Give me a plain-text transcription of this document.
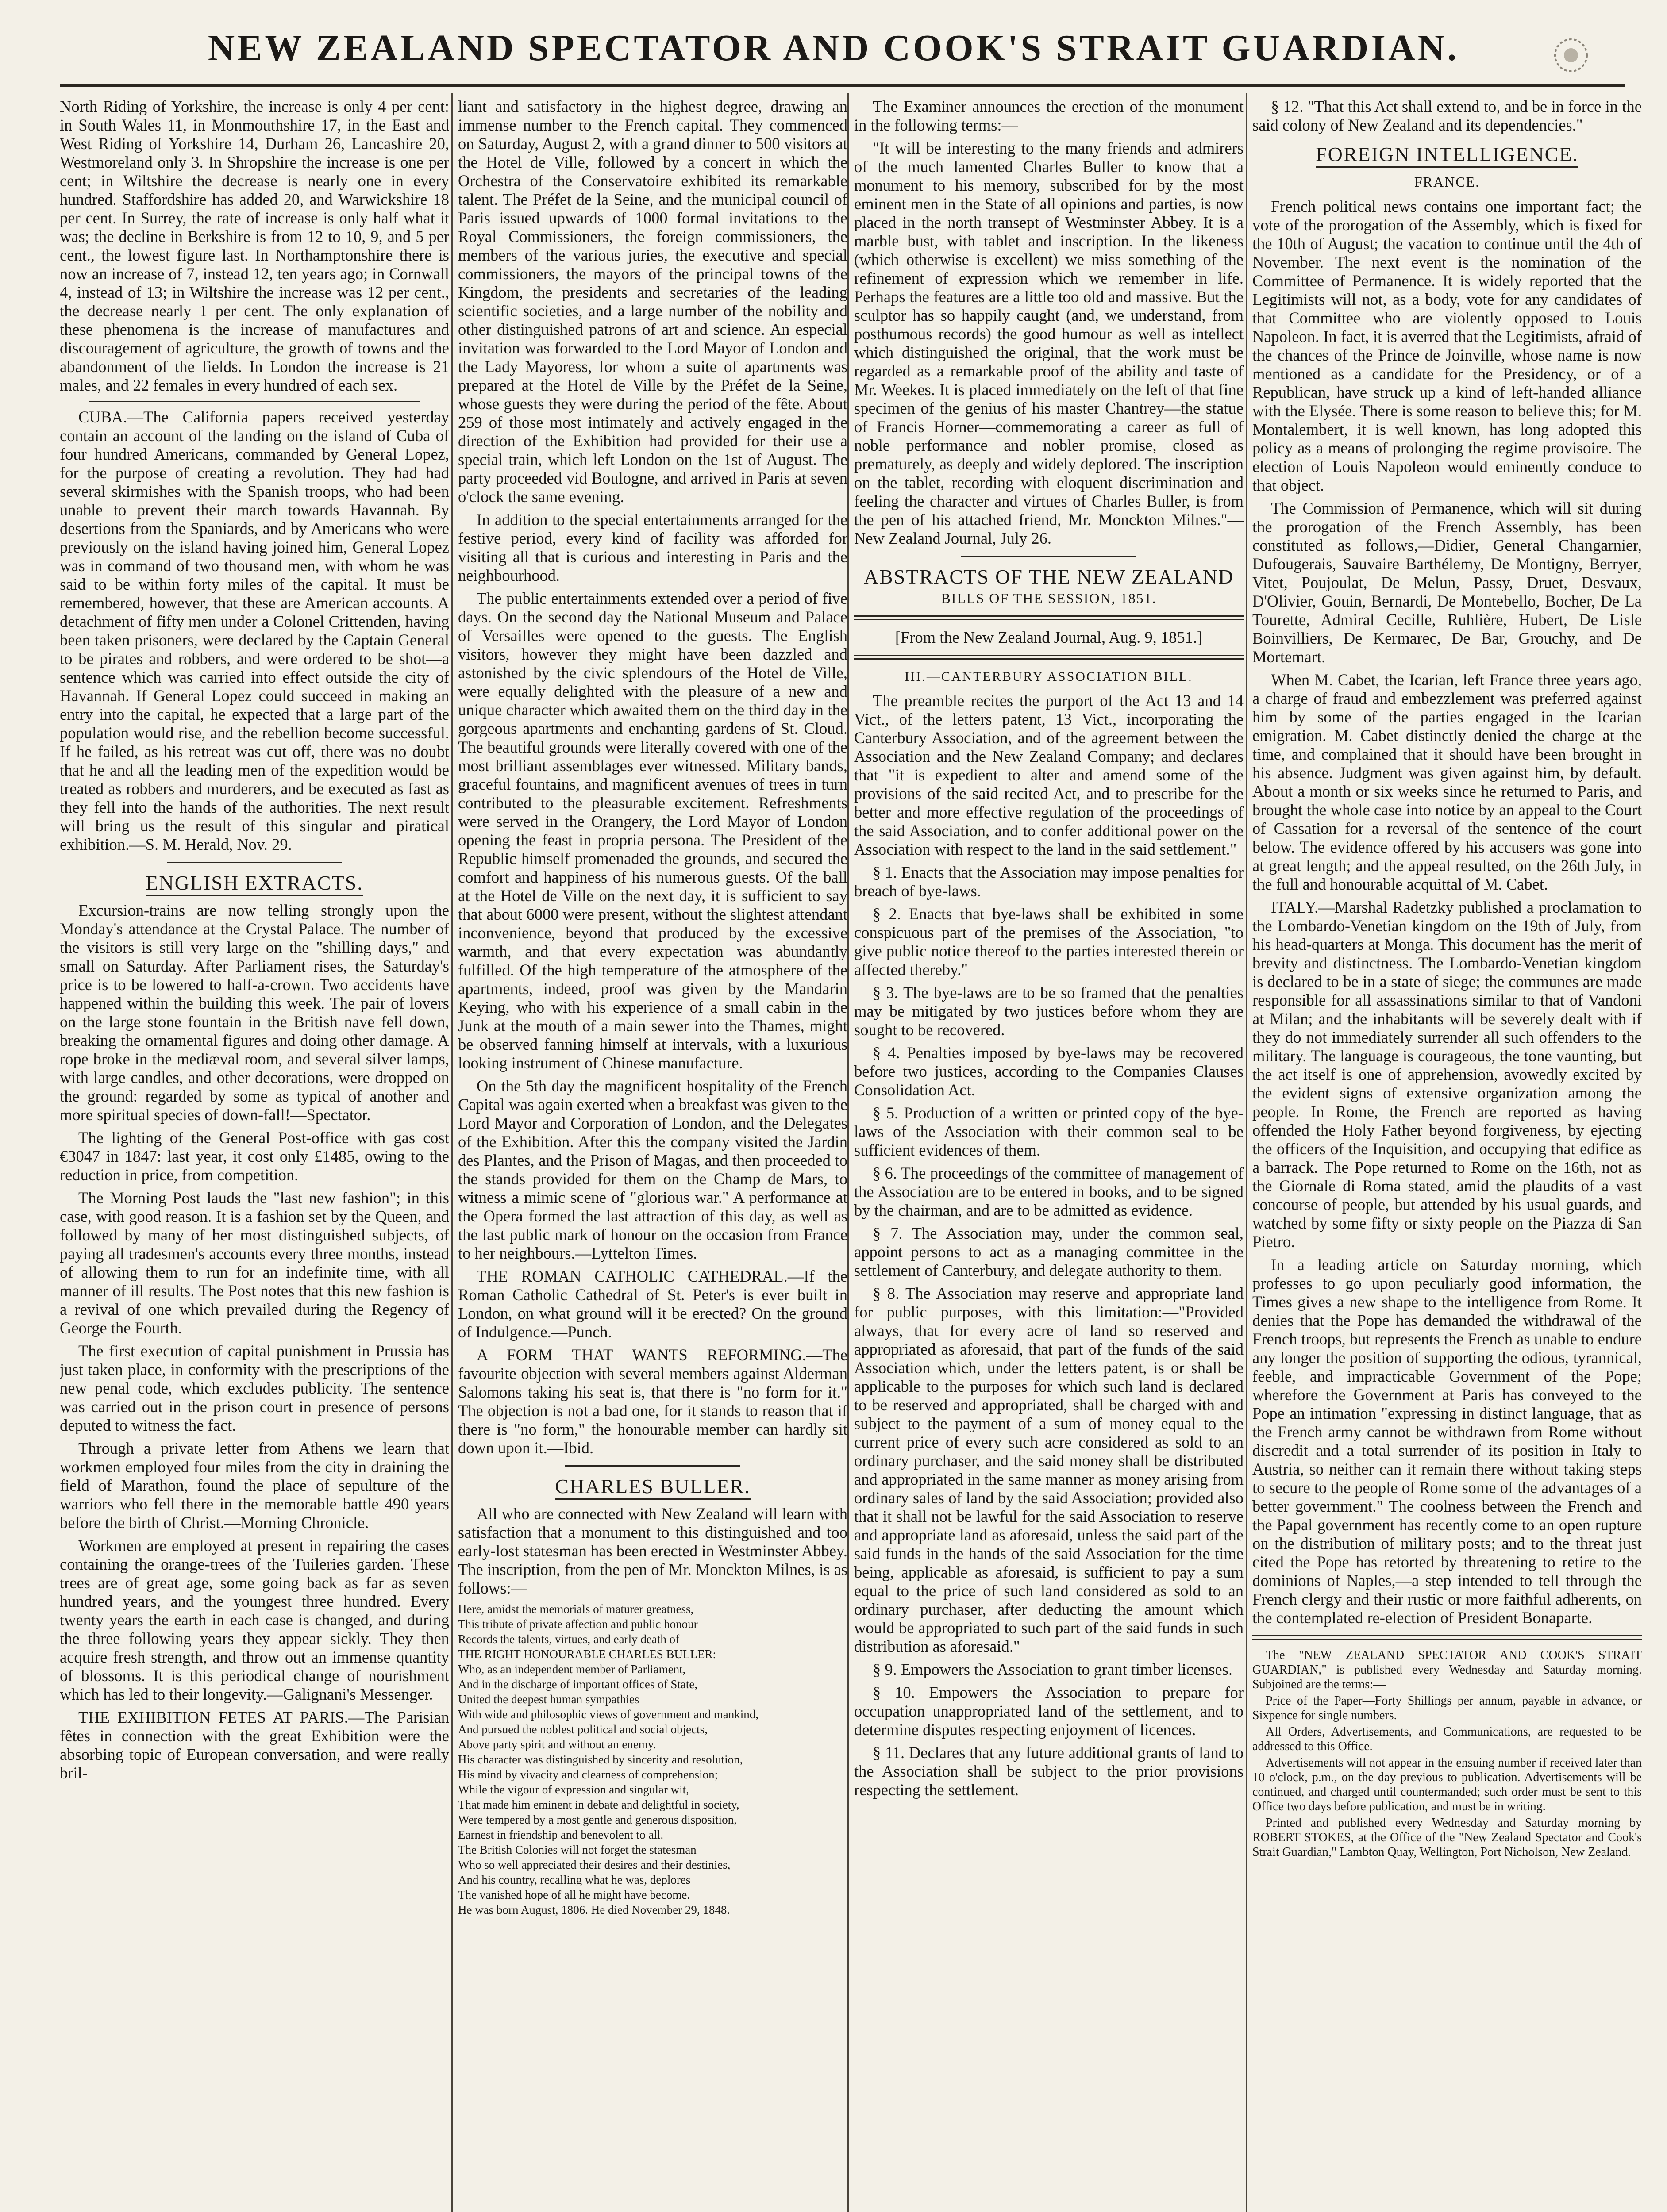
NEW ZEALAND SPECTATOR AND COOK'S STRAIT GUARDIAN.

North Riding of Yorkshire, the increase is only 4 per cent: in South Wales 11, in Monmouthshire 17, in the East and West Riding of Yorkshire 14, Durham 26, Lancashire 20, Westmoreland only 3. In Shropshire the increase is one per cent; in Wiltshire the decrease is nearly one in every hundred. Staffordshire has added 20, and Warwickshire 18 per cent. In Surrey, the rate of increase is only half what it was; the decline in Berkshire is from 12 to 10, 9, and 5 per cent., the lowest figure last. In Northamptonshire there is now an increase of 7, instead 12, ten years ago; in Cornwall 4, instead of 13; in Wiltshire the increase was 12 per cent., the decrease nearly 1 per cent. The only explanation of these phenomena is the increase of manufactures and discouragement of agriculture, the growth of towns and the abandonment of the fields. In London the increase is 21 males, and 22 females in every hundred of each sex.

CUBA.—The California papers received yesterday contain an account of the landing on the island of Cuba of four hundred Americans, commanded by General Lopez, for the purpose of creating a revolution. They had had several skirmishes with the Spanish troops, who had been unable to prevent their march towards Havannah. By desertions from the Spaniards, and by Americans who were previously on the island having joined him, General Lopez was in command of two thousand men, with whom he was said to be within forty miles of the capital. It must be remembered, however, that these are American accounts. A detachment of fifty men under a Colonel Crittenden, having been taken prisoners, were declared by the Captain General to be pirates and robbers, and were ordered to be shot—a sentence which was carried into effect outside the city of Havannah. If General Lopez could succeed in making an entry into the capital, he expected that a large part of the population would rise, and the rebellion become successful. If he failed, as his retreat was cut off, there was no doubt that he and all the leading men of the expedition would be treated as robbers and murderers, and be executed as fast as they fell into the hands of the authorities. The next result will bring us the result of this singular and piratical exhibition.—S. M. Herald, Nov. 29.

ENGLISH EXTRACTS.

Excursion-trains are now telling strongly upon the Monday's attendance at the Crystal Palace. The number of the visitors is still very large on the "shilling days," and small on Saturday. After Parliament rises, the Saturday's price is to be lowered to half-a-crown. Two accidents have happened within the building this week. The pair of lovers on the large stone fountain in the British nave fell down, breaking the ornamental figures and doing other damage. A rope broke in the mediæval room, and several silver lamps, with large candles, and other decorations, were dropped on the ground: regarded by some as typical of another and more spiritual species of down-fall!—Spectator.

The lighting of the General Post-office with gas cost €3047 in 1847: last year, it cost only £1485, owing to the reduction in price, from competition.

The Morning Post lauds the "last new fashion"; in this case, with good reason. It is a fashion set by the Queen, and followed by many of her most distinguished subjects, of paying all tradesmen's accounts every three months, instead of allowing them to run for an indefinite time, with all manner of ill results. The Post notes that this new fashion is a revival of one which prevailed during the Regency of George the Fourth.

The first execution of capital punishment in Prussia has just taken place, in conformity with the prescriptions of the new penal code, which excludes publicity. The sentence was carried out in the prison court in presence of persons deputed to witness the fact.

Through a private letter from Athens we learn that workmen employed four miles from the city in draining the field of Marathon, found the place of sepulture of the warriors who fell there in the memorable battle 490 years before the birth of Christ.—Morning Chronicle.

Workmen are employed at present in repairing the cases containing the orange-trees of the Tuileries garden. These trees are of great age, some going back as far as seven hundred years, and the youngest three hundred. Every twenty years the earth in each case is changed, and during the three following years they appear sickly. They then acquire fresh strength, and throw out an immense quantity of blossoms. It is this periodical change of nourishment which has led to their longevity.—Galignani's Messenger.

THE EXHIBITION FETES AT PARIS.—The Parisian fêtes in connection with the great Exhibition were the absorbing topic of European conversation, and were really bril-

liant and satisfactory in the highest degree, drawing an immense number to the French capital. They commenced on Saturday, August 2, with a grand dinner to 500 visitors at the Hotel de Ville, followed by a concert in which the Orchestra of the Conservatoire exhibited its remarkable talent. The Préfet de la Seine, and the municipal council of Paris issued upwards of 1000 formal invitations to the Royal Commissioners, the foreign commissioners, the members of the various juries, the executive and special commissioners, the mayors of the principal towns of the Kingdom, the presidents and secretaries of the leading scientific societies, and a large number of the nobility and other distinguished patrons of art and science. An especial invitation was forwarded to the Lord Mayor of London and the Lady Mayoress, for whom a suite of apartments was prepared at the Hotel de Ville by the Préfet de la Seine, whose guests they were during the period of the fête. About 259 of those most intimately and actively engaged in the direction of the Exhibition had provided for their use a special train, which left London on the 1st of August. The party proceeded vid Boulogne, and arrived in Paris at seven o'clock the same evening.

In addition to the special entertainments arranged for the festive period, every kind of facility was afforded for visiting all that is curious and interesting in Paris and the neighbourhood.

The public entertainments extended over a period of five days. On the second day the National Museum and Palace of Versailles were opened to the guests. The English visitors, however they might have been dazzled and astonished by the civic splendours of the Hotel de Ville, were equally delighted with the pleasure of a new and unique character which awaited them on the third day in the gorgeous apartments and enchanting gardens of St. Cloud. The beautiful grounds were literally covered with one of the most brilliant assemblages ever witnessed. Military bands, graceful fountains, and magnificent avenues of trees in turn contributed to the pleasurable excitement. Refreshments were served in the Orangery, the Lord Mayor of London opening the feast in propria persona. The President of the Republic himself promenaded the grounds, and secured the comfort and happiness of his numerous guests. Of the ball at the Hotel de Ville on the next day, it is sufficient to say that about 6000 were present, without the slightest attendant inconvenience, beyond that produced by the excessive warmth, and that every expectation was abundantly fulfilled. Of the high temperature of the atmosphere of the apartments, indeed, proof was given by the Mandarin Keying, who with his experience of a small cabin in the Junk at the mouth of a main sewer into the Thames, might be observed fanning himself at intervals, with a luxurious looking instrument of Chinese manufacture.

On the 5th day the magnificent hospitality of the French Capital was again exerted when a breakfast was given to the Lord Mayor and Corporation of London, and the Delegates of the Exhibition. After this the company visited the Jardin des Plantes, and the Prison of Magas, and then proceeded to the stands provided for them on the Champ de Mars, to witness a mimic scene of "glorious war." A performance at the Opera formed the last attraction of this day, as well as the last public mark of honour on the occasion from France to her neighbours.—Lyttelton Times.

THE ROMAN CATHOLIC CATHEDRAL.—If the Roman Catholic Cathedral of St. Peter's is ever built in London, on what ground will it be erected? On the ground of Indulgence.—Punch.

A FORM THAT WANTS REFORMING.—The favourite objection with several members against Alderman Salomons taking his seat is, that there is "no form for it." The objection is not a bad one, for it stands to reason that if there is "no form," the honourable member can hardly sit down upon it.—Ibid.

CHARLES BULLER.

All who are connected with New Zealand will learn with satisfaction that a monument to this distinguished and too early-lost statesman has been erected in Westminster Abbey. The inscription, from the pen of Mr. Monckton Milnes, is as follows:—

Here, amidst the memorials of maturer greatness,

This tribute of private affection and public honour

Records the talents, virtues, and early death of

THE RIGHT HONOURABLE CHARLES BULLER:

Who, as an independent member of Parliament,

And in the discharge of important offices of State,

United the deepest human sympathies

With wide and philosophic views of government and mankind,

And pursued the noblest political and social objects,

Above party spirit and without an enemy.

His character was distinguished by sincerity and resolution,

His mind by vivacity and clearness of comprehension;

While the vigour of expression and singular wit,

That made him eminent in debate and delightful in society,

Were tempered by a most gentle and generous disposition,

Earnest in friendship and benevolent to all.

The British Colonies will not forget the statesman

Who so well appreciated their desires and their destinies,

And his country, recalling what he was, deplores

The vanished hope of all he might have become.

He was born August, 1806. He died November 29, 1848.

The Examiner announces the erection of the monument in the following terms:—

"It will be interesting to the many friends and admirers of the much lamented Charles Buller to know that a monument to his memory, subscribed for by the most eminent men in the State of all opinions and parties, is now placed in the north transept of Westminster Abbey. It is a marble bust, with tablet and inscription. In the likeness (which otherwise is excellent) we miss something of the refinement of expression which we remember in life. Perhaps the features are a little too old and massive. But the sculptor has so happily caught (and, we understand, from posthumous records) the good humour as well as intellect which distinguished the original, that the work must be regarded as a remarkable proof of the ability and taste of Mr. Weekes. It is placed immediately on the left of that fine specimen of the genius of his master Chantrey—the statue of Francis Horner—commemorating a career as full of noble performance and nobler promise, closed as prematurely, as deeply and widely deplored. The inscription on the tablet, recording with eloquent discrimination and feeling the character and virtues of Charles Buller, is from the pen of his attached friend, Mr. Monckton Milnes."—New Zealand Journal, July 26.

ABSTRACTS OF THE NEW ZEALAND
BILLS OF THE SESSION, 1851.

[From the New Zealand Journal, Aug. 9, 1851.]

III.—CANTERBURY ASSOCIATION BILL.

The preamble recites the purport of the Act 13 and 14 Vict., of the letters patent, 13 Vict., incorporating the Canterbury Association, and of the agreement between the Association and the New Zealand Company; and declares that "it is expedient to alter and amend some of the provisions of the said recited Act, and to prescribe for the better and more effective regulation of the proceedings of the said Association, and to confer additional power on the Association with respect to the land in the said settlement."

§ 1. Enacts that the Association may impose penalties for breach of bye-laws.

§ 2. Enacts that bye-laws shall be exhibited in some conspicuous part of the premises of the Association, "to give public notice thereof to the parties interested therein or affected thereby."

§ 3. The bye-laws are to be so framed that the penalties may be mitigated by two justices before whom they are sought to be recovered.

§ 4. Penalties imposed by bye-laws may be recovered before two justices, according to the Companies Clauses Consolidation Act.

§ 5. Production of a written or printed copy of the bye-laws of the Association with their common seal to be sufficient evidences of them.

§ 6. The proceedings of the committee of management of the Association are to be entered in books, and to be signed by the chairman, and are to be admitted as evidence.

§ 7. The Association may, under the common seal, appoint persons to act as a managing committee in the settlement of Canterbury, and delegate authority to them.

§ 8. The Association may reserve and appropriate land for public purposes, with this limitation:—"Provided always, that for every acre of land so reserved and appropriated as aforesaid, that part of the funds of the said Association which, under the letters patent, is or shall be applicable to the purposes for which such land is declared to be reserved and appropriated, shall be charged with and subject to the payment of a sum of money equal to the current price of every such acre considered as sold to an ordinary purchaser, and the said money shall be distributed and appropriated in the same manner as money arising from ordinary sales of land by the said Association; provided also that it shall not be lawful for the said Association to reserve and appropriate land as aforesaid, unless the said part of the said funds in the hands of the said Association for the time being, applicable as aforesaid, is sufficient to pay a sum equal to the price of such land considered as sold to an ordinary purchaser, after deducting the amount which would be appropriated to such part of the said funds in such distribution as aforesaid."

§ 9. Empowers the Association to grant timber licenses.

§ 10. Empowers the Association to prepare for occupation unappropriated land of the settlement, and to determine disputes respecting enjoyment of licences.

§ 11. Declares that any future additional grants of land to the Association shall be subject to the prior provisions respecting the settlement.

§ 12. "That this Act shall extend to, and be in force in the said colony of New Zealand and its dependencies."

FOREIGN INTELLIGENCE.
FRANCE.

French political news contains one important fact; the vote of the prorogation of the Assembly, which is fixed for the 10th of August; the vacation to continue until the 4th of November. The next event is the nomination of the Committee of Permanence. It is widely reported that the Legitimists will not, as a body, vote for any candidates of that Committee who are violently opposed to Louis Napoleon. In fact, it is averred that the Legitimists, afraid of the chances of the Prince de Joinville, whose name is now mentioned as a candidate for the Presidency, or of a Republican, have struck up a kind of left-handed alliance with the Elysée. There is some reason to believe this; for M. Montalembert, it is well known, has long adopted this policy as a means of prolonging the regime provisoire. The election of Louis Napoleon would eminently conduce to that object.

The Commission of Permanence, which will sit during the prorogation of the French Assembly, has been constituted as follows,—Didier, General Changarnier, Dufougerais, Sauvaire Barthélemy, De Montigny, Berryer, Vitet, Poujoulat, De Melun, Passy, Druet, Desvaux, D'Olivier, Gouin, Bernardi, De Montebello, Bocher, De La Tourette, Admiral Cecille, Ruhlière, Hubert, De Lisle Boinvilliers, De Kermarec, De Bar, Grouchy, and De Mortemart.

When M. Cabet, the Icarian, left France three years ago, a charge of fraud and embezzlement was preferred against him by some of the parties engaged in the Icarian emigration. M. Cabet distinctly denied the charge at the time, and complained that it should have been brought in his absence. Judgment was given against him, by default. About a month or six weeks since he returned to Paris, and brought the whole case into notice by an appeal to the Court of Cassation for a reversal of the sentence of the court below. The evidence offered by his accusers was gone into at great length; and the appeal resulted, on the 26th July, in the full and honourable acquittal of M. Cabet.

ITALY.—Marshal Radetzky published a proclamation to the Lombardo-Venetian kingdom on the 19th of July, from his head-quarters at Monga. This document has the merit of brevity and distinctness. The Lombardo-Venetian kingdom is declared to be in a state of siege; the communes are made responsible for all assassinations similar to that of Vandoni at Milan; and the inhabitants will be severely dealt with if they do not immediately surrender all such offenders to the military. The language is courageous, the tone vaunting, but the act itself is one of apprehension, avowedly excited by the evident signs of extensive organization among the people. In Rome, the French are reported as having offended the Holy Father beyond forgiveness, by ejecting the officers of the Inquisition, and occupying that edifice as a barrack. The Pope returned to Rome on the 16th, not as the Giornale di Roma stated, amid the plaudits of a vast concourse of people, but attended by his usual guards, and watched by some fifty or sixty people on the Piazza di San Pietro.

In a leading article on Saturday morning, which professes to go upon peculiarly good information, the Times gives a new shape to the intelligence from Rome. It denies that the Pope has demanded the withdrawal of the French troops, but represents the French as unable to endure any longer the position of supporting the odious, tyrannical, feeble, and impracticable Government of the Pope; wherefore the Government at Paris has conveyed to the Pope an intimation "expressing in distinct language, that as the French army cannot be withdrawn from Rome without discredit and a total surrender of its position in Italy to Austria, so neither can it remain there without taking steps to secure to the people of Rome some of the advantages of a better government." The coolness between the French and the Papal government has recently come to an open rupture on the distribution of military posts; and to the threat just cited the Pope has retorted by threatening to retire to the dominions of Naples,—a step intended to tell through the French clergy and their rustic or more faithful adherents, on the contemplated re-election of President Bonaparte.

The "NEW ZEALAND SPECTATOR AND COOK'S STRAIT GUARDIAN," is published every Wednesday and Saturday morning. Subjoined are the terms:—

Price of the Paper—Forty Shillings per annum, payable in advance, or Sixpence for single numbers.

All Orders, Advertisements, and Communications, are requested to be addressed to this Office.

Advertisements will not appear in the ensuing number if received later than 10 o'clock, p.m., on the day previous to publication. Advertisements will be continued, and charged until countermanded; such order must be sent to this Office two days before publication, and must be in writing.

Printed and published every Wednesday and Saturday morning by ROBERT STOKES, at the Office of the "New Zealand Spectator and Cook's Strait Guardian," Lambton Quay, Wellington, Port Nicholson, New Zealand.
